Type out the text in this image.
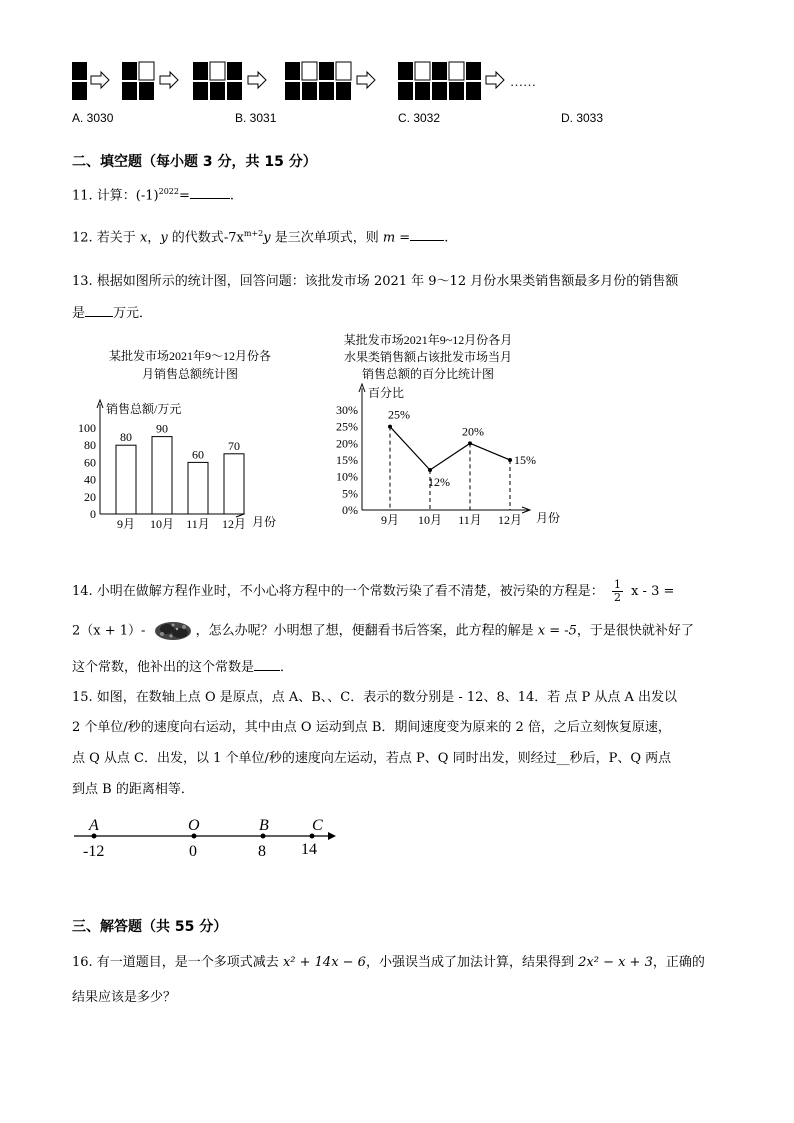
……
A. 3030	B. 3031	C. 3032	D. 3033
二、填空题（每小题 3 分，共 15 分）
11. 计算：$(-1)^{2022}=$	.
12. 若关于 x，y 的代数式$-7x^{m+2}y$ 是三次单项式，则 m =	.
13. 根据如图所示的统计图，回答问题：该批发市场 2021 年 9～12 月份水果类销售额最多月份的销售额
是 万元．
某批发市场2021年9～12月份各
月销售总额统计图
销售总额/万元
月份
0
20
40
60
80
100
80
9月
90
10月
60
11月
70
12月
某批发市场2021年9~12月份各月
水果类销售额占该批发市场当月
销售总额的百分比统计图
百分比
月份
0%
5%
10%
15%
20%
25%
30%	25%
9月
12%
10月
20%
11月
15%
12月
14. 小明在做解方程作业时，不小心将方程中的一个常数污染了看不清楚，被污染的方程是： $\frac{1}{2}$ x - 3 =
2（x + 1）-	，怎么办呢？小明想了想，便翻看书后答案，此方程的解是 x = -5，于是很快就补好了
这个常数，他补出的这个常数是 ．
15. 如图，在数轴上点 O 是原点，点 A、B、、C．表示的数分别是 - 12、8、14．若 点 P 从点 A 出发以
2 个单位/秒的速度向右运动，其中由点 O 运动到点 B．期间速度变为原来的 2 倍，之后立刻恢复原速，
点 Q 从点 C．出发，以 1 个单位/秒的速度向左运动，若点 P、Q 同时出发，则经过__秒后，P、Q 两点
到点 B 的距离相等．
A	O	B	C
-12	0	8 14
三、解答题（共 55 分）
16. 有一道题目，是一个多项式减去 x² + 14x − 6，小强误当成了加法计算，结果得到 2x² − x + 3，正确的
结果应该是多少？
